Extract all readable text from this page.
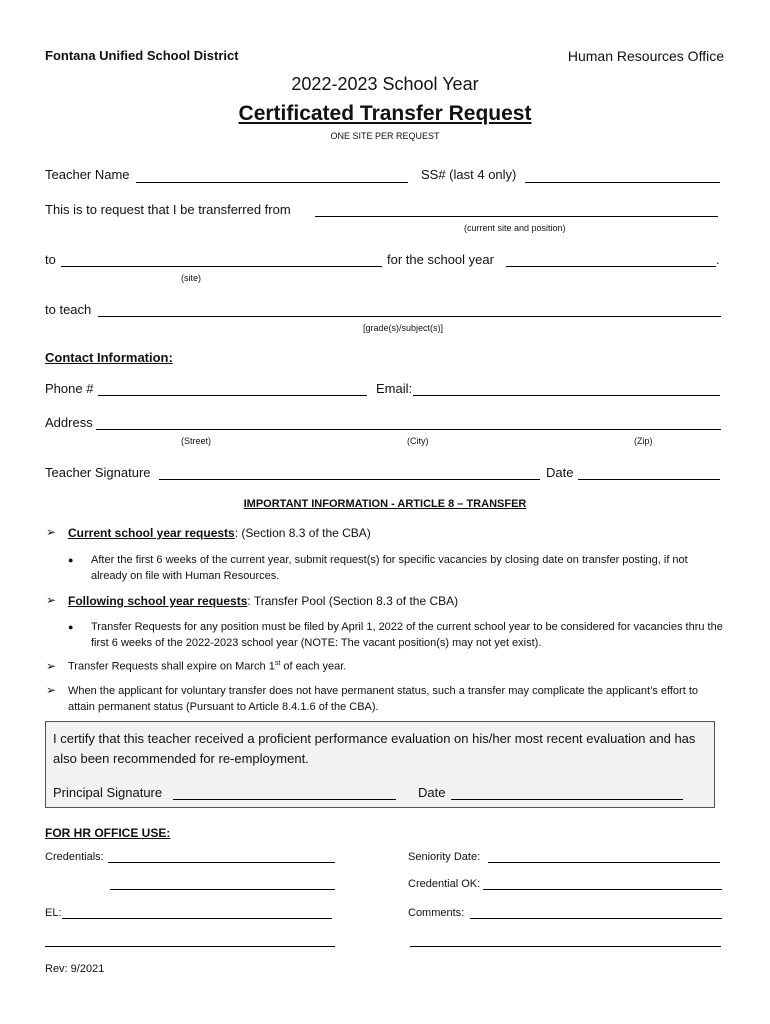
Fontana Unified School District	Human Resources Office
2022-2023 School Year
Certificated Transfer Request
ONE SITE PER REQUEST
Teacher Name	SS# (last 4 only)
This is to request that I be transferred from
(current site and position)
to	for the school year	.
(site)
to teach
[grade(s)/subject(s)]
Contact Information:
Phone #	Email:
Address
(Street)	(City)	(Zip)
Teacher Signature	Date
IMPORTANT INFORMATION - ARTICLE 8 – TRANSFER
➢ Current school year requests: (Section 8.3 of the CBA)
● After the first 6 weeks of the current year, submit request(s) for specific vacancies by closing date on transfer posting, if not already on file with Human Resources.
➢ Following school year requests: Transfer Pool (Section 8.3 of the CBA)
● Transfer Requests for any position must be filed by April 1, 2022 of the current school year to be considered for vacancies thru the first 6 weeks of the 2022-2023 school year (NOTE: The vacant position(s) may not yet exist).
➢ Transfer Requests shall expire on March 1st of each year.
➢ When the applicant for voluntary transfer does not have permanent status, such a transfer may complicate the applicant’s effort to attain permanent status (Pursuant to Article 8.4.1.6 of the CBA).
I certify that this teacher received a proficient performance evaluation on his/her most recent evaluation and has also been recommended for re-employment.
Principal Signature	Date
FOR HR OFFICE USE:
Credentials:	Seniority Date:
Credential OK:
EL:	Comments:
Rev: 9/2021
